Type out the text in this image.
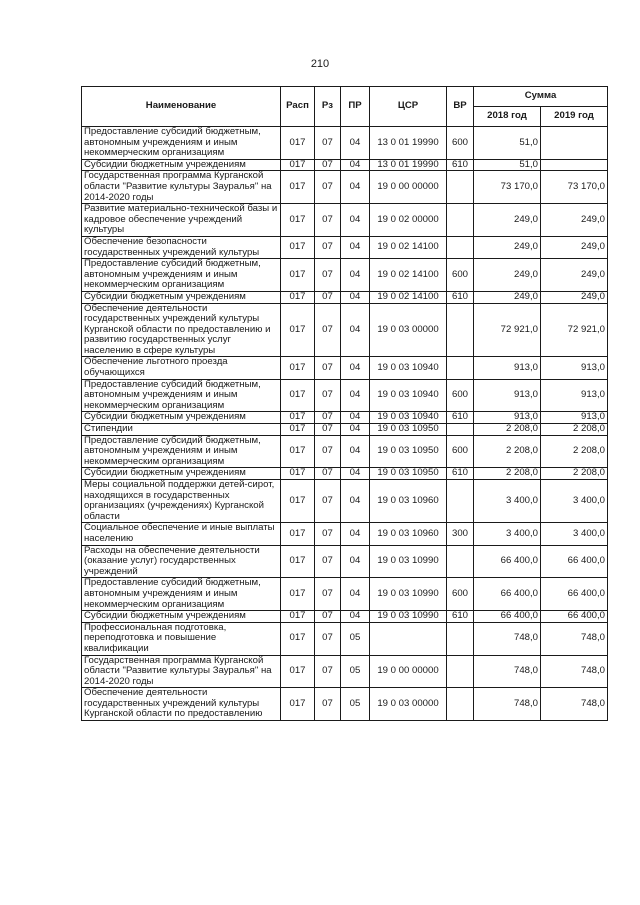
210
Наименование	Расп	Рз	ПР	ЦСР	ВР	Сумма	
						2018 год	2019 год
Предоставление субсидий бюджетным, автономным учреждениям и иным некоммерческим организациям	017	07	04	13 0 01 19990	600	51,0	
Субсидии бюджетным учреждениям	017	07	04	13 0 01 19990	610	51,0	
Государственная программа Курганской области "Развитие культуры Зауралья" на 2014-2020 годы	017	07	04	19 0 00 00000		73 170,0	73 170,0
Развитие материально-технической базы и кадровое обеспечение учреждений культуры	017	07	04	19 0 02 00000		249,0	249,0
Обеспечение безопасности государственных учреждений культуры	017	07	04	19 0 02 14100		249,0	249,0
Предоставление субсидий бюджетным, автономным учреждениям и иным некоммерческим организациям	017	07	04	19 0 02 14100	600	249,0	249,0
Субсидии бюджетным учреждениям	017	07	04	19 0 02 14100	610	249,0	249,0
Обеспечение деятельности государственных учреждений культуры Курганской области по предоставлению и развитию государственных услуг населению в сфере культуры	017	07	04	19 0 03 00000		72 921,0	72 921,0
Обеспечение льготного проезда обучающихся	017	07	04	19 0 03 10940		913,0	913,0
Предоставление субсидий бюджетным, автономным учреждениям и иным некоммерческим организациям	017	07	04	19 0 03 10940	600	913,0	913,0
Субсидии бюджетным учреждениям	017	07	04	19 0 03 10940	610	913,0	913,0
Стипендии	017	07	04	19 0 03 10950		2 208,0	2 208,0
Предоставление субсидий бюджетным, автономным учреждениям и иным некоммерческим организациям	017	07	04	19 0 03 10950	600	2 208,0	2 208,0
Субсидии бюджетным учреждениям	017	07	04	19 0 03 10950	610	2 208,0	2 208,0
Меры социальной поддержки детей-сирот, находящихся в государственных организациях (учреждениях) Курганской области	017	07	04	19 0 03 10960		3 400,0	3 400,0
Социальное обеспечение и иные выплаты населению	017	07	04	19 0 03 10960	300	3 400,0	3 400,0
Расходы на обеспечение деятельности (оказание услуг) государственных учреждений	017	07	04	19 0 03 10990		66 400,0	66 400,0
Предоставление субсидий бюджетным, автономным учреждениям и иным некоммерческим организациям	017	07	04	19 0 03 10990	600	66 400,0	66 400,0
Субсидии бюджетным учреждениям	017	07	04	19 0 03 10990	610	66 400,0	66 400,0
Профессиональная подготовка, переподготовка и повышение квалификации	017	07	05			748,0	748,0
Государственная программа Курганской области "Развитие культуры Зауралья" на 2014-2020 годы	017	07	05	19 0 00 00000		748,0	748,0
Обеспечение деятельности государственных учреждений культуры Курганской области по предоставлению	017	07	05	19 0 03 00000		748,0	748,0
